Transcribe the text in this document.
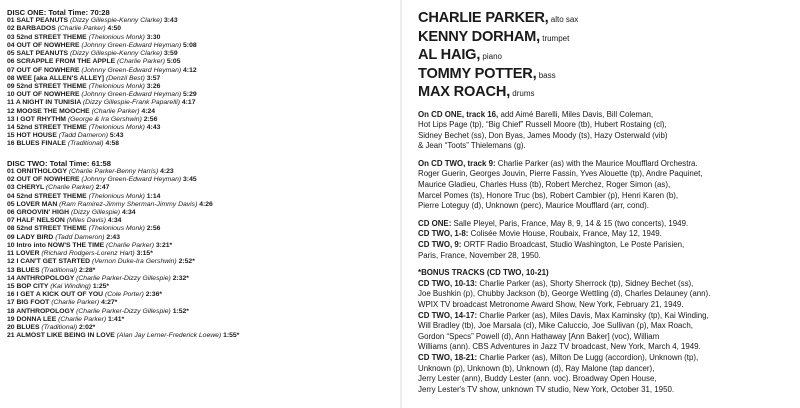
DISC ONE: Total Time: 70:28
01 SALT PEANUTS (Dizzy Gillespie-Kenny Clarke) 3:43
02 BARBADOS (Charlie Parker) 4:50
03 52nd STREET THEME (Thelonious Monk) 3:30
04 OUT OF NOWHERE (Johnny Green-Edward Heyman) 5:08
05 SALT PEANUTS (Dizzy Gillespie-Kenny Clarke) 3:59
06 SCRAPPLE FROM THE APPLE (Charlie Parker) 5:05
07 OUT OF NOWHERE (Johnny Green-Edward Heyman) 4:12
08 WEE [aka ALLEN'S ALLEY] (Denzil Best) 3:57
09 52nd STREET THEME (Thelonious Monk) 3:26
10 OUT OF NOWHERE (Johnny Green-Edward Heyman) 5:29
11 A NIGHT IN TUNISIA (Dizzy Gillespie-Frank Paparelli) 4:17
12 MOOSE THE MOOCHE (Charlie Parker) 4:24
13 I GOT RHYTHM (George & Ira Gershwin) 2:56
14 52nd STREET THEME (Thelonious Monk) 4:43
15 HOT HOUSE (Tadd Dameron) 5:43
16 BLUES FINALE (Traditional) 4:58
DISC TWO: Total Time: 61:58
01 ORNITHOLOGY (Charlie Parker-Benny Harris) 4:23
02 OUT OF NOWHERE (Johnny Green-Edward Heyman) 3:45
03 CHERYL (Charlie Parker) 2:47
04 52nd STREET THEME (Thelonious Monk) 1:14
05 LOVER MAN (Ram Ramirez-Jimmy Sherman-Jimmy Davis) 4:26
06 GROOVIN' HIGH (Dizzy Gillespie) 4:34
07 HALF NELSON (Miles Davis) 4:34
08 52nd STREET THEME (Thelonious Monk) 2:56
09 LADY BIRD (Tadd Dameron) 2:43
10 Intro into NOW'S THE TIME (Charlie Parker) 3:21*
11 LOVER (Richard Rodgers-Lorenz Hart) 3:15*
12 I CAN'T GET STARTED (Vernon Duke-Ira Gershwin) 2:52*
13 BLUES (Traditional) 2:28*
14 ANTHROPOLOGY (Charlie Parker-Dizzy Gillespie) 2:32*
15 BOP CITY (Kai Winding) 1:25*
16 I GET A KICK OUT OF YOU (Cole Porter) 2:36*
17 BIG FOOT (Charlie Parker) 4:27*
18 ANTHROPOLOGY (Charlie Parker-Dizzy Gillespie) 1:52*
19 DONNA LEE (Charlie Parker) 1:41*
20 BLUES (Traditional) 2:02*
21 ALMOST LIKE BEING IN LOVE (Alan Jay Lerner-Frederick Loewe) 1:55*
CHARLIE PARKER, alto sax
KENNY DORHAM, trumpet
AL HAIG, piano
TOMMY POTTER, bass
MAX ROACH, drums

On CD ONE, track 16, add Aimé Barelli, Miles Davis, Bill Coleman,

Hot Lips Page (tp), “Big Chief” Russell Moore (tb), Hubert Rostaing (cl),

Sidney Bechet (ss), Don Byas, James Moody (ts), Hazy Osterwald (vib)

& Jean “Toots” Thielemans (g).

On CD TWO, track 9: Charlie Parker (as) with the Maurice Moufflard Orchestra.

Roger Guerin, Georges Jouvin, Pierre Fassin, Yves Alouette (tp), Andre Paquinet,

Maurice Gladieu, Charles Huss (tb), Robert Merchez, Roger Simon (as),

Marcel Pomes (ts), Honore Truc (bs), Robert Cambier (p), Henri Karen (b),

Pierre Loteguy (d), Unknown (perc), Maurice Moufflard (arr, cond).

CD ONE: Salle Pleyel, Paris, France, May 8, 9, 14 & 15 (two concerts), 1949.

CD TWO, 1-8: Colisée Movie House, Roubaix, France, May 12, 1949.

CD TWO, 9: ORTF Radio Broadcast, Studio Washington, Le Poste Parisien,

Paris, France, November 28, 1950.

*BONUS TRACKS (CD TWO, 10-21)

CD TWO, 10-13: Charlie Parker (as), Shorty Sherrock (tp), Sidney Bechet (ss),

Joe Bushkin (p), Chubby Jackson (b), George Wettling (d), Charles Delauney (ann).

WPIX TV broadcast Metronome Award Show, New York, February 21, 1949.

CD TWO, 14-17: Charlie Parker (as), Miles Davis, Max Kaminsky (tp), Kai Winding,

Will Bradley (tb), Joe Marsala (cl), Mike Caluccio, Joe Sullivan (p), Max Roach,

Gordon “Specs” Powell (d), Ann Hathaway [Ann Baker] (voc), William

Williams (ann). CBS Adventures in Jazz TV broadcast, New York, March 4, 1949.

CD TWO, 18-21: Charlie Parker (as), Milton De Lugg (accordion), Unknown (tp),

Unknown (p), Unknown (b), Unknown (d), Ray Malone (tap dancer),

Jerry Lester (ann), Buddy Lester (ann. voc). Broadway Open House,

Jerry Lester's TV show, unknown TV studio, New York, October 31, 1950.
